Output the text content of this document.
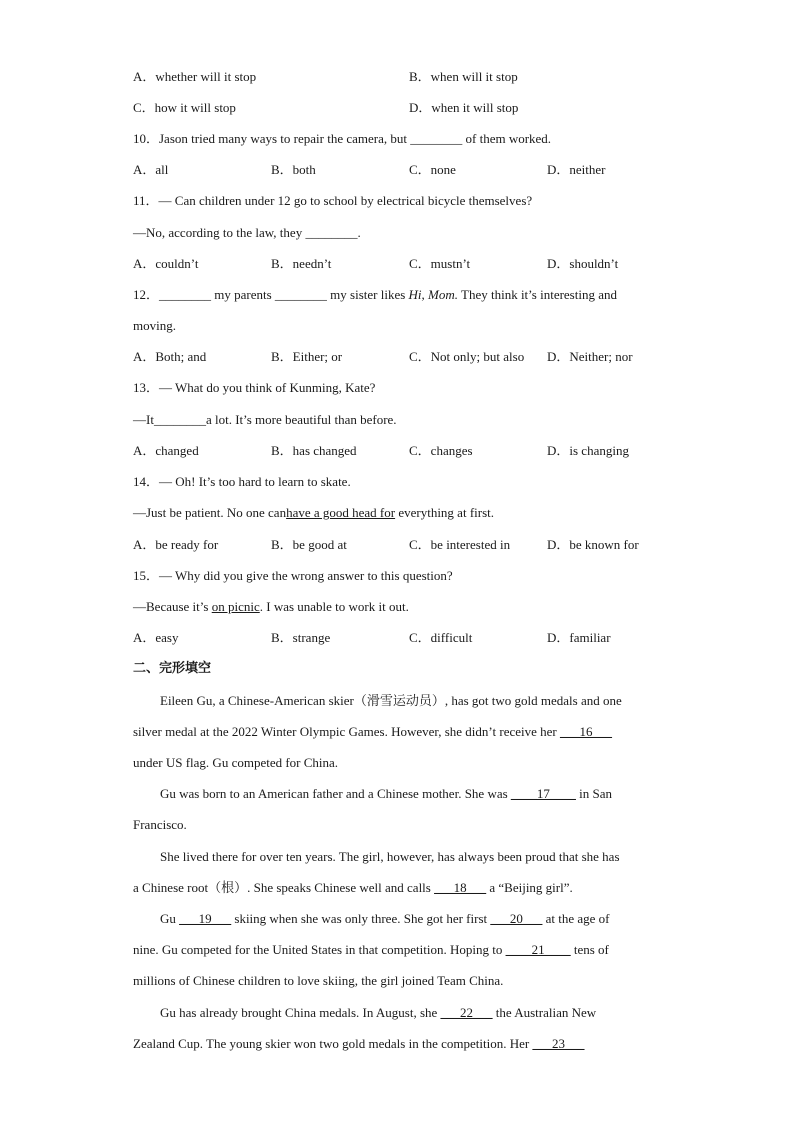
A．whether will it stop	B．when will it stop
C．how it will stop	D．when it will stop
10．Jason tried many ways to repair the camera, but ________ of them worked.
A．all	B．both	C．none	D．neither
11．— Can children under 12 go to school by electrical bicycle themselves?
—No, according to the law, they ________.
A．couldn’t	B．needn’t	C．mustn’t	D．shouldn’t
12．________ my parents ________ my sister likes Hi, Mom. They think it’s interesting and
moving.
A．Both; and	B．Either; or	C．Not only; but also D．Neither; nor
13．— What do you think of Kunming, Kate?
—It________a lot. It’s more beautiful than before.
A．changed	B．has changed	C．changes	D．is changing
14．— Oh! It’s too hard to learn to skate.
—Just be patient. No one canhave a good head for everything at first.
A．be ready for	B．be good at	C．be interested in	D．be known for
15．— Why did you give the wrong answer to this question?
—Because it’s on picnic. I was unable to work it out.
A．easy	B．strange	C．difficult	D．familiar
二、完形填空
Eileen Gu, a Chinese-American skier（滑雪运动员）, has got two gold medals and one
silver medal at the 2022 Winter Olympic Games. However, she didn’t receive her ___16___
under US flag. Gu competed for China.
Gu was born to an American father and a Chinese mother. She was ____17____ in San
Francisco.
She lived there for over ten years. The girl, however, has always been proud that she has
a Chinese root（根）. She speaks Chinese well and calls ___18___ a “Beijing girl”.
Gu ___19___ skiing when she was only three. She got her first ___20___ at the age of
nine. Gu competed for the United States in that competition. Hoping to ____21____ tens of
millions of Chinese children to love skiing, the girl joined Team China.
Gu has already brought China medals. In August, she ___22___ the Australian New
Zealand Cup. The young skier won two gold medals in the competition. Her ___23___
